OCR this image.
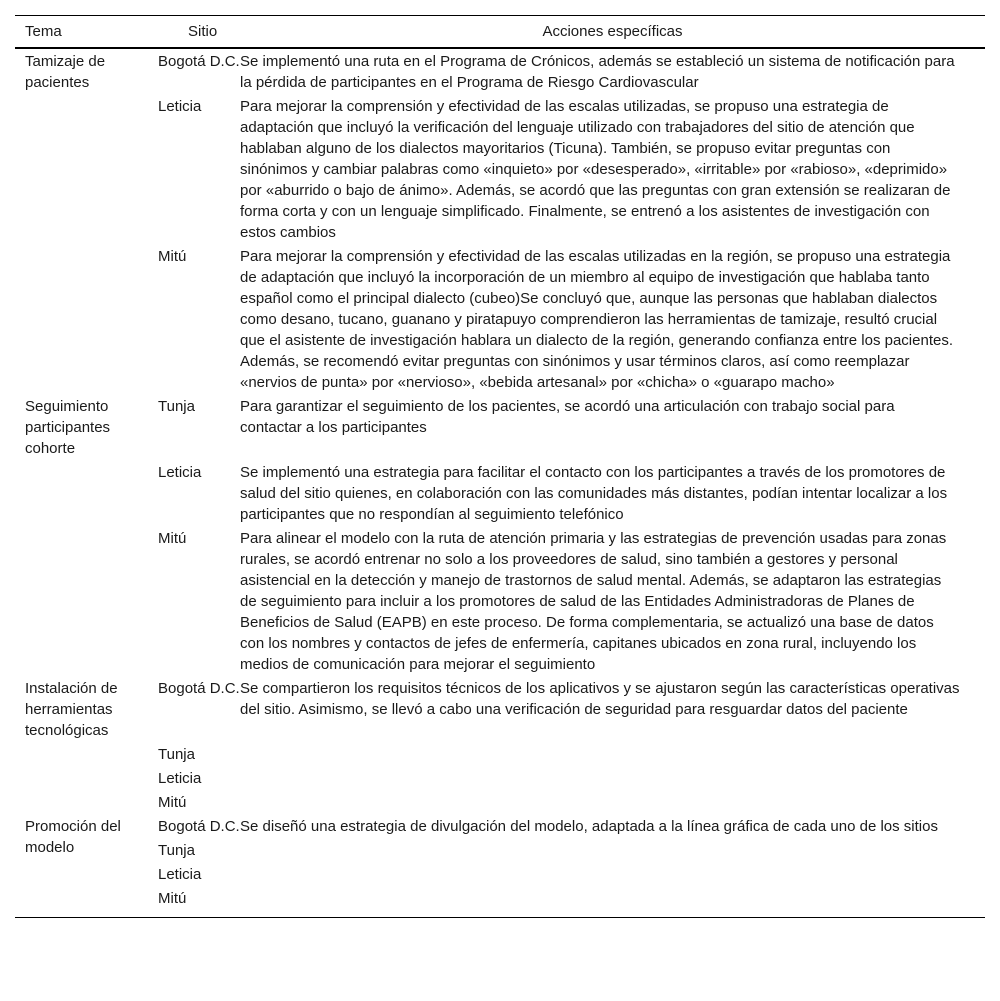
Tema	Sitio	Acciones específicas
Tamizaje de pacientes	Bogotá D.C.	Se implementó una ruta en el Programa de Crónicos, además se estableció un sistema de notificación para la pérdida de participantes en el Programa de Riesgo Cardiovascular
	Leticia	Para mejorar la comprensión y efectividad de las escalas utilizadas, se propuso una estrategia de adaptación que incluyó la verificación del lenguaje utilizado con trabajadores del sitio de atención que hablaban alguno de los dialectos mayoritarios (Ticuna). También, se propuso evitar preguntas con sinónimos y cambiar palabras como «inquieto» por «desesperado», «irritable» por «rabioso», «deprimido» por «aburrido o bajo de ánimo». Además, se acordó que las preguntas con gran extensión se realizaran de forma corta y con un lenguaje simplificado. Finalmente, se entrenó a los asistentes de investigación con estos cambios
	Mitú	Para mejorar la comprensión y efectividad de las escalas utilizadas en la región, se propuso una estrategia de adaptación que incluyó la incorporación de un miembro al equipo de investigación que hablaba tanto español como el principal dialecto (cubeo)Se concluyó que, aunque las personas que hablaban dialectos como desano, tucano, guanano y piratapuyo comprendieron las herramientas de tamizaje, resultó crucial que el asistente de investigación hablara un dialecto de la región, generando confianza entre los pacientes. Además, se recomendó evitar preguntas con sinónimos y usar términos claros, así como reemplazar «nervios de punta» por «nervioso», «bebida artesanal» por «chicha» o «guarapo macho»
Seguimiento participantes cohorte	Tunja	Para garantizar el seguimiento de los pacientes, se acordó una articulación con trabajo social para contactar a los participantes
	Leticia	Se implementó una estrategia para facilitar el contacto con los participantes a través de los promotores de salud del sitio quienes, en colaboración con las comunidades más distantes, podían intentar localizar a los participantes que no respondían al seguimiento telefónico
	Mitú	Para alinear el modelo con la ruta de atención primaria y las estrategias de prevención usadas para zonas rurales, se acordó entrenar no solo a los proveedores de salud, sino también a gestores y personal asistencial en la detección y manejo de trastornos de salud mental. Además, se adaptaron las estrategias de seguimiento para incluir a los promotores de salud de las Entidades Administradoras de Planes de Beneficios de Salud (EAPB) en este proceso. De forma complementaria, se actualizó una base de datos con los nombres y contactos de jefes de enfermería, capitanes ubicados en zona rural, incluyendo los medios de comunicación para mejorar el seguimiento
Instalación de herramientas tecnológicas	Bogotá D.C.	Se compartieron los requisitos técnicos de los aplicativos y se ajustaron según las características operativas del sitio. Asimismo, se llevó a cabo una verificación de seguridad para resguardar datos del paciente
	Tunja	
	Leticia	
	Mitú	
Promoción del modelo	Bogotá D.C.	Se diseñó una estrategia de divulgación del modelo, adaptada a la línea gráfica de cada uno de los sitios
	Tunja	
	Leticia	
	Mitú	
